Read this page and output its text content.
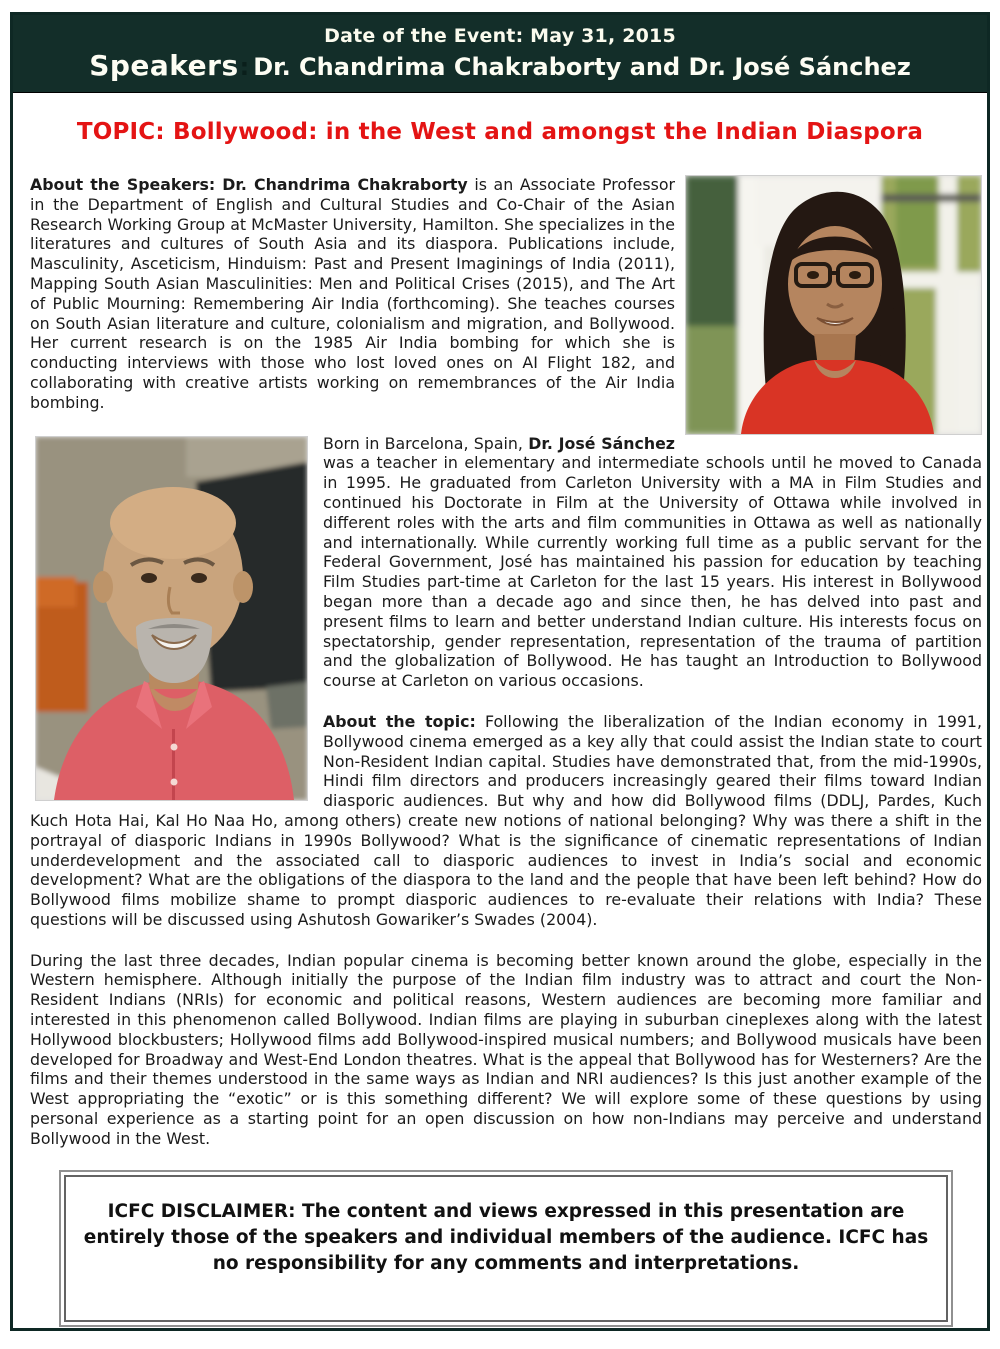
Date of the Event: May 31, 2015
Speakers: Dr. Chandrima Chakraborty and Dr. José Sánchez
TOPIC: Bollywood: in the West and amongst the Indian Diaspora

About the Speakers: Dr. Chandrima Chakraborty is an Associate Professor in the Department of English and Cultural Studies and Co-Chair of the Asian Research Working Group at McMaster University, Hamilton. She specializes in the literatures and cultures of South Asia and its diaspora. Publications include, Masculinity, Asceticism, Hinduism: Past and Present Imaginings of India (2011), Mapping South Asian Masculinities: Men and Political Crises (2015), and The Art of Public Mourning: Remembering Air India (forthcoming). She teaches courses on South Asian literature and culture, colonialism and migration, and Bollywood. Her current research is on the 1985 Air India bombing for which she is conducting interviews with those who lost loved ones on AI Flight 182, and collaborating with creative artists working on remembrances of the Air India bombing.

Born in Barcelona, Spain, Dr. José Sánchez was a teacher in elementary and intermediate schools until he moved to Canada in 1995. He graduated from Carleton University with a MA in Film Studies and continued his Doctorate in Film at the University of Ottawa while involved in different roles with the arts and film communities in Ottawa as well as nationally and internationally. While currently working full time as a public servant for the Federal Government, José has maintained his passion for education by teaching Film Studies part-time at Carleton for the last 15 years. His interest in Bollywood began more than a decade ago and since then, he has delved into past and present films to learn and better understand Indian culture. His interests focus on spectatorship, gender representation, representation of the trauma of partition and the globalization of Bollywood. He has taught an Introduction to Bollywood course at Carleton on various occasions.

About the topic: Following the liberalization of the Indian economy in 1991, Bollywood cinema emerged as a key ally that could assist the Indian state to court Non-Resident Indian capital. Studies have demonstrated that, from the mid-1990s, Hindi film directors and producers increasingly geared their films toward Indian diasporic audiences. But why and how did Bollywood films (DDLJ, Pardes, Kuch Kuch Hota Hai, Kal Ho Naa Ho, among others) create new notions of national belonging? Why was there a shift in the portrayal of diasporic Indians in 1990s Bollywood? What is the significance of cinematic representations of Indian underdevelopment and the associated call to diasporic audiences to invest in India’s social and economic development? What are the obligations of the diaspora to the land and the people that have been left behind? How do Bollywood films mobilize shame to prompt diasporic audiences to re-evaluate their relations with India? These questions will be discussed using Ashutosh Gowariker’s Swades (2004).

During the last three decades, Indian popular cinema is becoming better known around the globe, especially in the Western hemisphere. Although initially the purpose of the Indian film industry was to attract and court the Non-Resident Indians (NRIs) for economic and political reasons, Western audiences are becoming more familiar and interested in this phenomenon called Bollywood. Indian films are playing in suburban cineplexes along with the latest Hollywood blockbusters; Hollywood films add Bollywood-inspired musical numbers; and Bollywood musicals have been developed for Broadway and West-End London theatres. What is the appeal that Bollywood has for Westerners? Are the films and their themes understood in the same ways as Indian and NRI audiences? Is this just another example of the West appropriating the “exotic” or is this something different? We will explore some of these questions by using personal experience as a starting point for an open discussion on how non-Indians may perceive and understand Bollywood in the West.

ICFC DISCLAIMER: The content and views expressed in this presentation are entirely those of the speakers and individual members of the audience. ICFC has no responsibility for any comments and interpretations.
